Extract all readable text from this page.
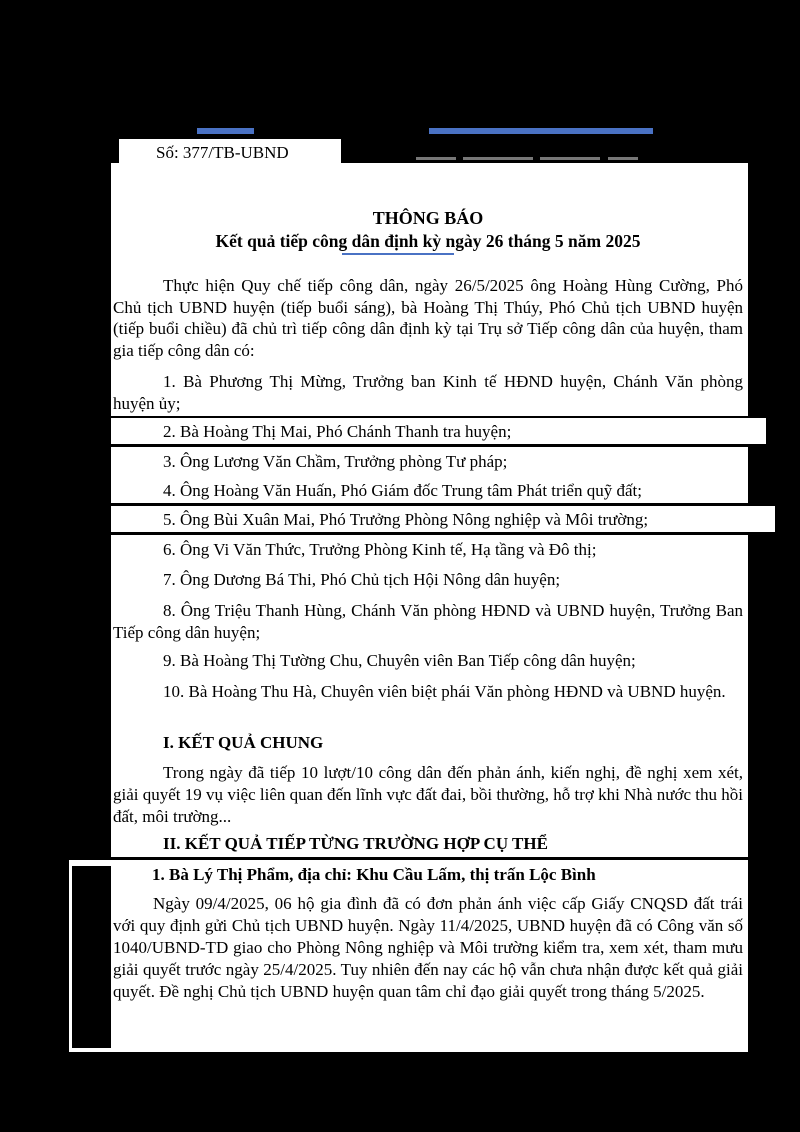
Số: 377/TB-UBND
THÔNG BÁO
Kết quả tiếp công dân định kỳ ngày 26 tháng 5 năm 2025

Thực hiện Quy chế tiếp công dân, ngày 26/5/2025 ông Hoàng Hùng Cường, Phó Chủ tịch UBND huyện (tiếp buổi sáng), bà Hoàng Thị Thúy, Phó Chủ tịch UBND huyện (tiếp buổi chiều) đã chủ trì tiếp công dân định kỳ tại Trụ sở Tiếp công dân của huyện, tham gia tiếp công dân có:

1. Bà Phương Thị Mừng, Trưởng ban Kinh tế HĐND huyện, Chánh Văn phòng huyện ủy;

2. Bà Hoàng Thị Mai, Phó Chánh Thanh tra huyện;

3. Ông Lương Văn Chầm, Trưởng phòng Tư pháp;

4. Ông Hoàng Văn Huấn, Phó Giám đốc Trung tâm Phát triển quỹ đất;

5. Ông Bùi Xuân Mai, Phó Trưởng Phòng Nông nghiệp và Môi trường;

6. Ông Vi Văn Thức, Trưởng Phòng Kinh tế, Hạ tầng và Đô thị;

7. Ông Dương Bá Thi, Phó Chủ tịch Hội Nông dân huyện;

8. Ông Triệu Thanh Hùng, Chánh Văn phòng HĐND và UBND huyện, Trưởng Ban Tiếp công dân huyện;

9. Bà Hoàng Thị Tường Chu, Chuyên viên Ban Tiếp công dân huyện;

10. Bà Hoàng Thu Hà, Chuyên viên biệt phái Văn phòng HĐND và UBND huyện.

I. KẾT QUẢ CHUNG

Trong ngày đã tiếp 10 lượt/10 công dân đến phản ánh, kiến nghị, đề nghị xem xét, giải quyết 19 vụ việc liên quan đến lĩnh vực đất đai, bồi thường, hỗ trợ khi Nhà nước thu hồi đất, môi trường...

II. KẾT QUẢ TIẾP TỪNG TRƯỜNG HỢP CỤ THỂ
1. Bà Lý Thị Phẩm, địa chỉ: Khu Cầu Lấm, thị trấn Lộc Bình

Ngày 09/4/2025, 06 hộ gia đình đã có đơn phản ánh việc cấp Giấy CNQSD đất trái với quy định gửi Chủ tịch UBND huyện. Ngày 11/4/2025, UBND huyện đã có Công văn số 1040/UBND-TD giao cho Phòng Nông nghiệp và Môi trường kiểm tra, xem xét, tham mưu giải quyết trước ngày 25/4/2025. Tuy nhiên đến nay các hộ vẫn chưa nhận được kết quả giải quyết. Đề nghị Chủ tịch UBND huyện quan tâm chỉ đạo giải quyết trong tháng 5/2025.
